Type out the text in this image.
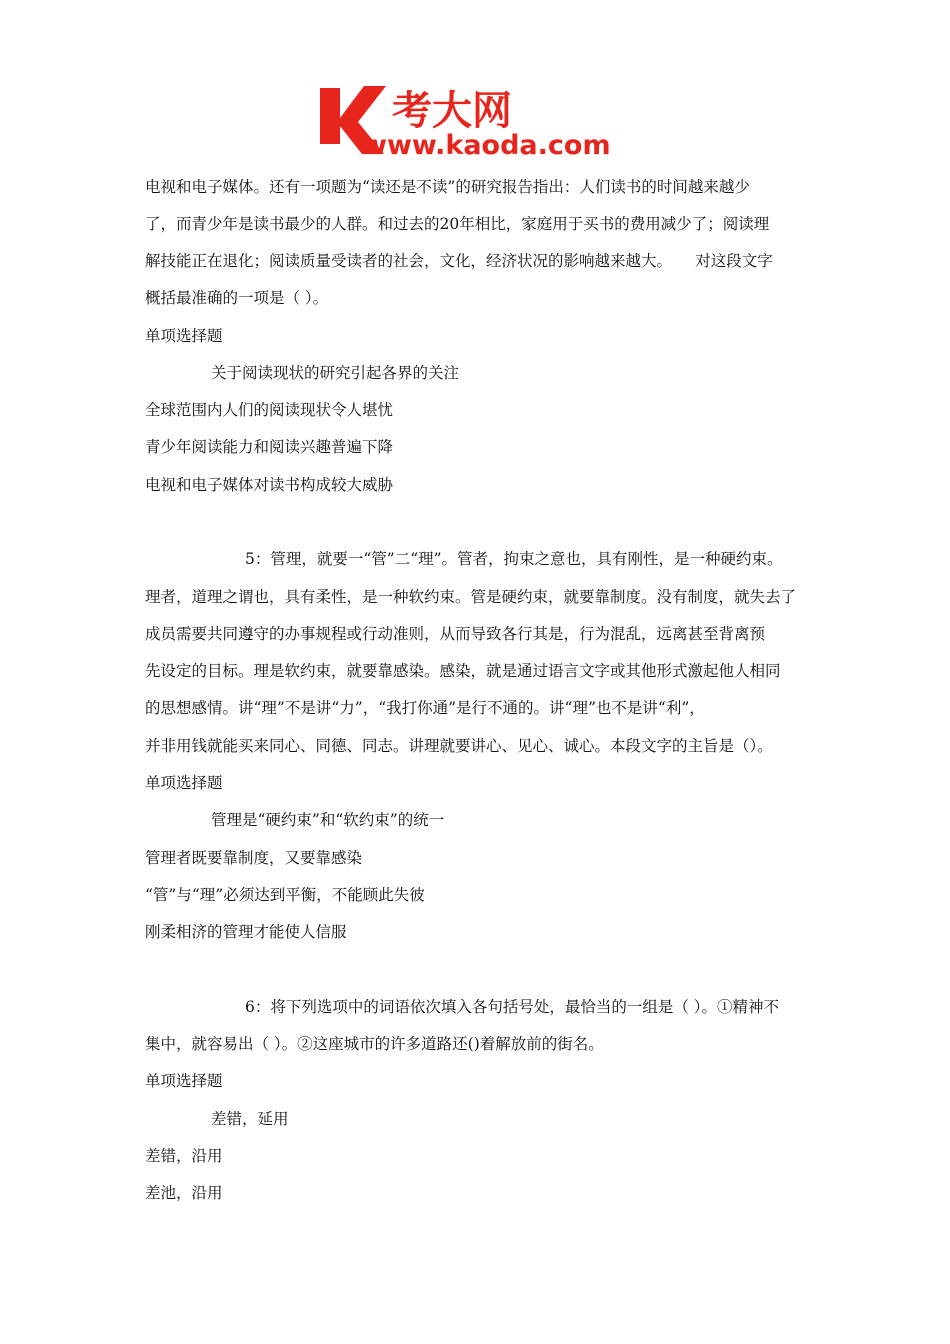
考大网
www.kaoda.com
电视和电子媒体。还有一项题为“读还是不读”的研究报告指出：人们读书的时间越来越少
了，而青少年是读书最少的人群。和过去的20年相比，家庭用于买书的费用减少了；阅读理
解技能正在退化；阅读质量受读者的社会，文化，经济状况的影响越来越大。　　对这段文字
概括最准确的一项是（ ）。
单项选择题
关于阅读现状的研究引起各界的关注
全球范围内人们的阅读现状令人堪忧
青少年阅读能力和阅读兴趣普遍下降
电视和电子媒体对读书构成较大威胁
5：管理，就要一“管”二“理”。管者，拘束之意也，具有刚性，是一种硬约束。
理者，道理之谓也，具有柔性，是一种软约束。管是硬约束，就要靠制度。没有制度，就失去了
成员需要共同遵守的办事规程或行动准则，从而导致各行其是，行为混乱，远离甚至背离预
先设定的目标。理是软约束，就要靠感染。感染，就是通过语言文字或其他形式激起他人相同
的思想感情。讲“理”不是讲“力”，“我打你通”是行不通的。讲“理”也不是讲“利”，
并非用钱就能买来同心、同德、同志。讲理就要讲心、见心、诚心。本段文字的主旨是（）。
单项选择题
管理是“硬约束”和“软约束”的统一
管理者既要靠制度，又要靠感染
“管”与“理”必须达到平衡，不能顾此失彼
刚柔相济的管理才能使人信服
6：将下列选项中的词语依次填入各句括号处，最恰当的一组是（ ）。①精神不
集中，就容易出（ ）。②这座城市的许多道路还()着解放前的街名。
单项选择题
差错，延用
差错，沿用
差池，沿用
